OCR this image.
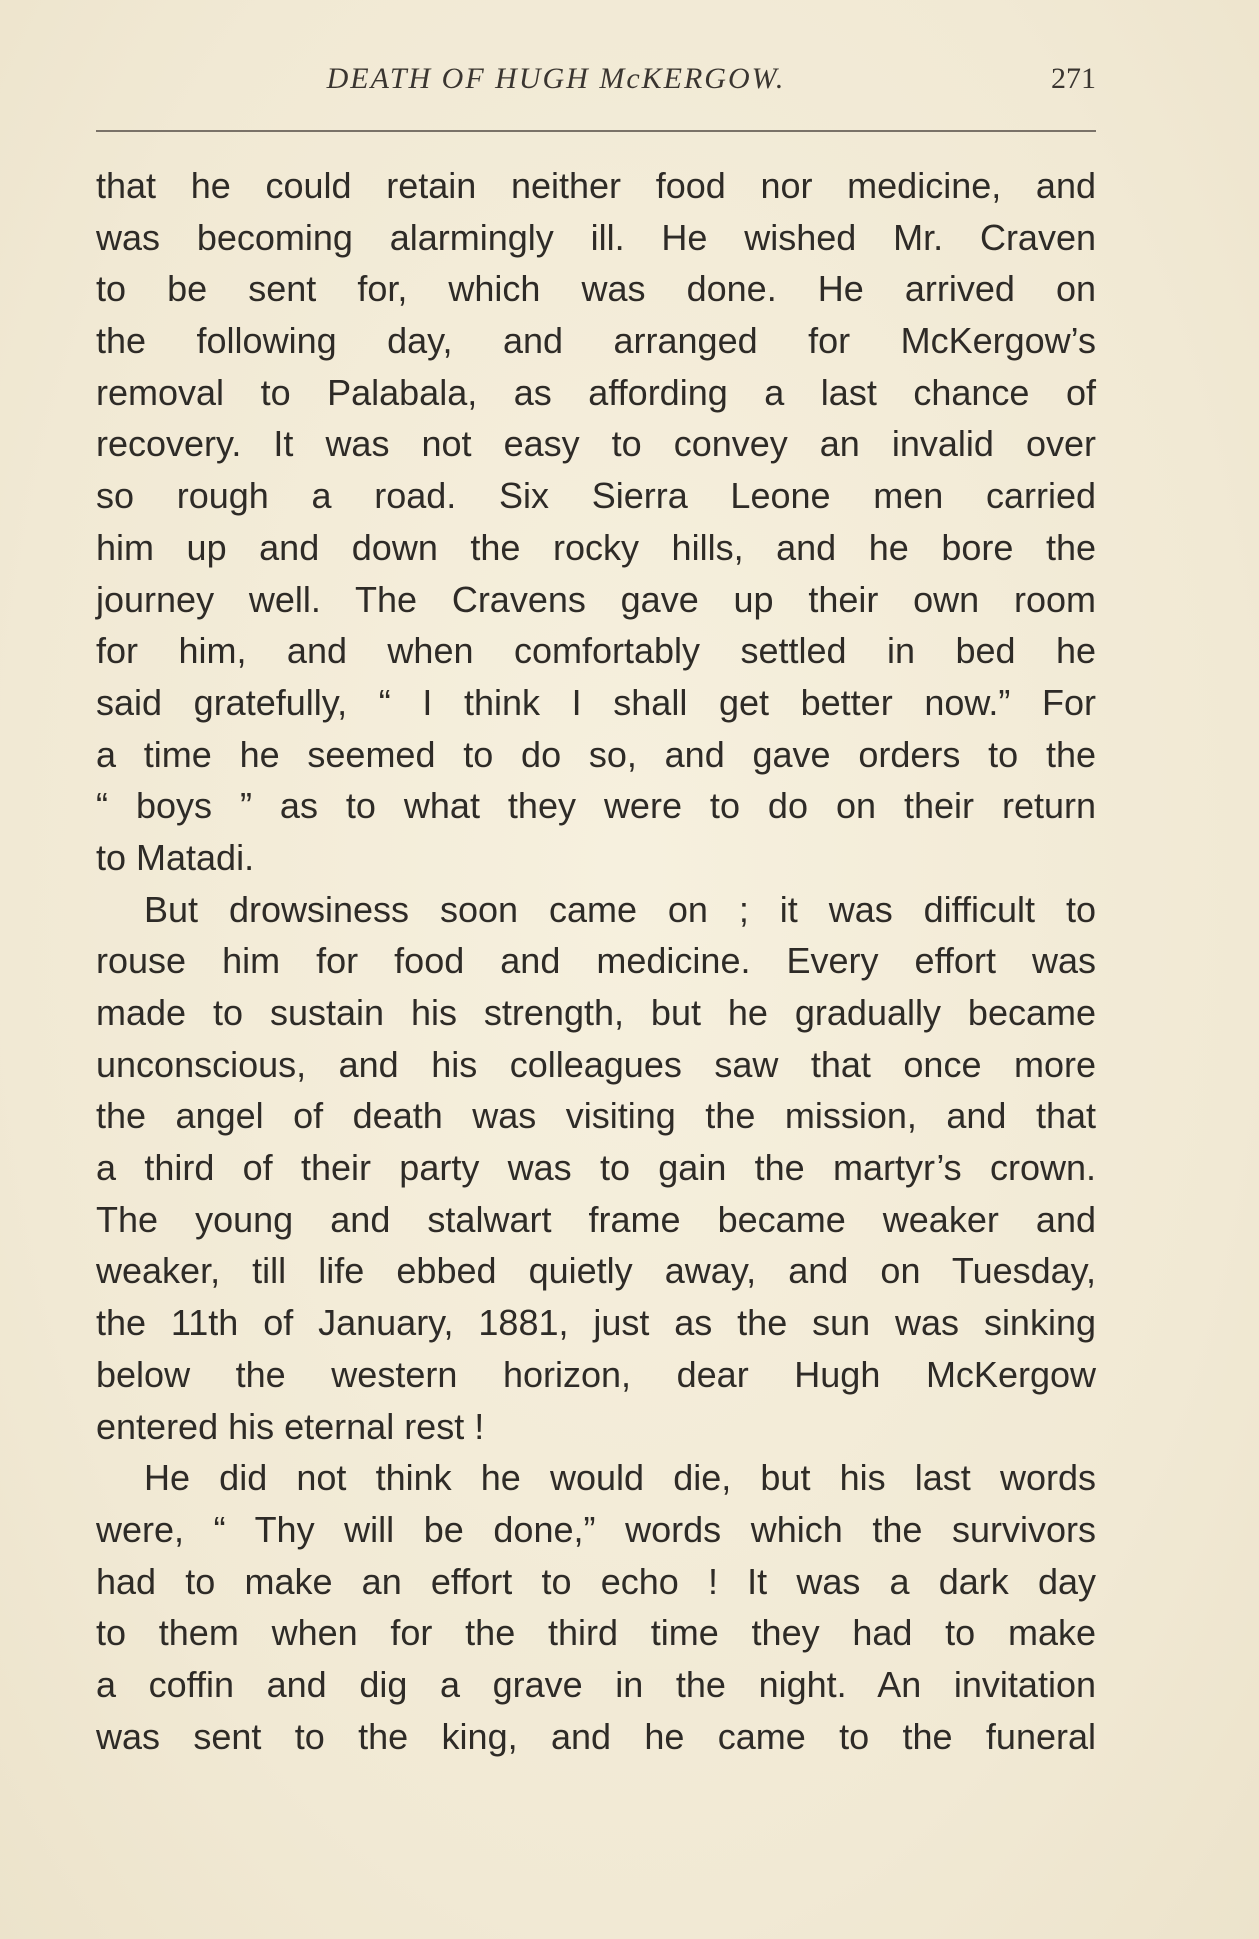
DEATH OF HUGH McKERGOW.	271
that he could retain neither food nor medicine, and
was becoming alarmingly ill. He wished Mr. Craven
to be sent for, which was done. He arrived on
the following day, and arranged for McKergow’s
removal to Palabala, as affording a last chance of
recovery. It was not easy to convey an invalid over
so rough a road. Six Sierra Leone men carried
him up and down the rocky hills, and he bore the
journey well. The Cravens gave up their own room
for him, and when comfortably settled in bed he
said gratefully, “ I think I shall get better now.” For
a time he seemed to do so, and gave orders to the
“ boys ” as to what they were to do on their return
to Matadi.
But drowsiness soon came on ; it was difficult to
rouse him for food and medicine. Every effort was
made to sustain his strength, but he gradually became
unconscious, and his colleagues saw that once more
the angel of death was visiting the mission, and that
a third of their party was to gain the martyr’s crown.
The young and stalwart frame became weaker and
weaker, till life ebbed quietly away, and on Tuesday,
the 11th of January, 1881, just as the sun was sinking
below the western horizon, dear Hugh McKergow
entered his eternal rest !
He did not think he would die, but his last words
were, “ Thy will be done,” words which the survivors
had to make an effort to echo ! It was a dark day
to them when for the third time they had to make
a coffin and dig a grave in the night. An invitation
was sent to the king, and he came to the funeral
